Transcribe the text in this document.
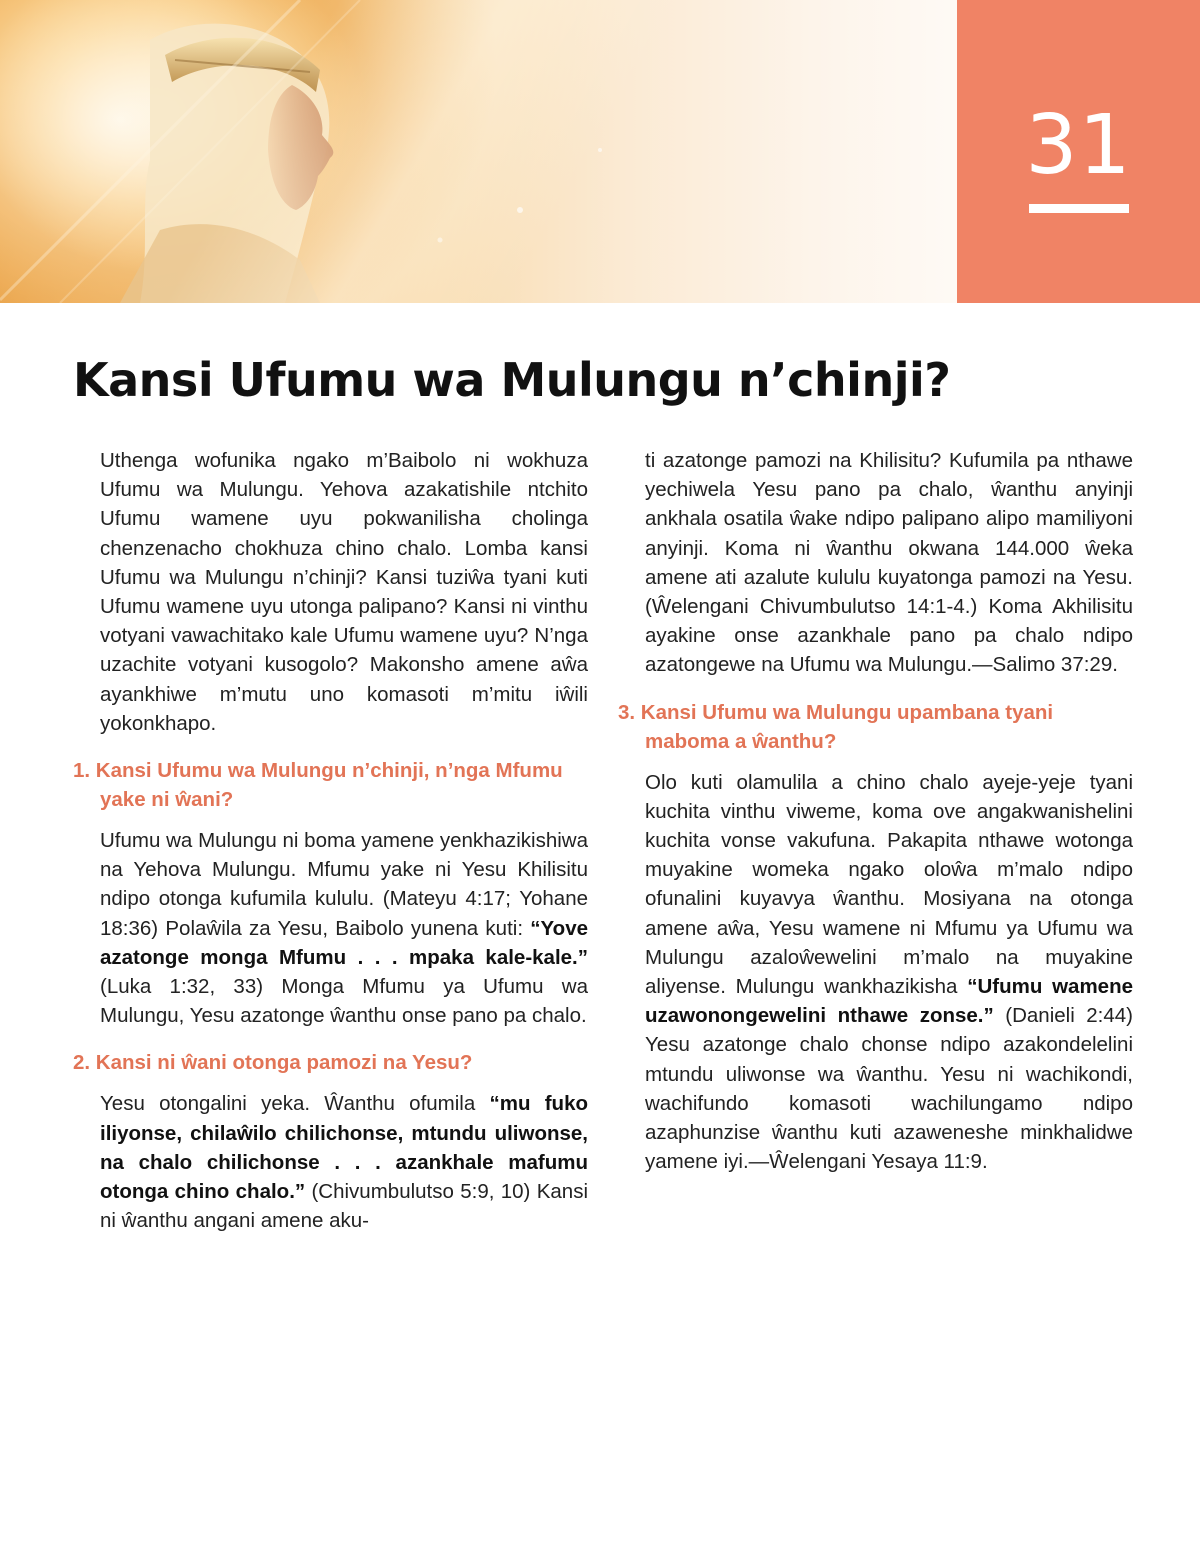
31
Kansi Ufumu wa Mulungu n’chinji?

Uthenga wofunika ngako m’Baibolo ni wokhuza Ufumu wa Mulungu. Yehova azakatishile ntchito Ufumu wamene uyu pokwanilisha cholinga chenzenacho chokhuza chino chalo. Lomba kansi Ufumu wa Mulungu n’chinji? Kansi tuziŵa tyani kuti Ufumu wamene uyu utonga palipano? Kansi ni vinthu votyani vawachitako kale Ufumu wamene uyu? N’nga uzachite votyani kusogolo? Makonsho amene aŵa ayankhiwe m’mutu uno komasoti m’mitu iŵili yokonkhapo.

1. Kansi Ufumu wa Mulungu n’chinji, n’nga Mfumu yake ni ŵani?

Ufumu wa Mulungu ni boma yamene yenkhazikishiwa na Yehova Mulungu. Mfumu yake ni Yesu Khilisitu ndipo otonga kufumila kululu. (Mateyu 4:17; Yohane 18:36) Polaŵila za Yesu, Baibolo yunena kuti: “Yove azatonge monga Mfumu . . . mpaka kale-kale.” (Luka 1:32, 33) Monga Mfumu ya Ufumu wa Mulungu, Yesu azatonge ŵanthu onse pano pa chalo.

2. Kansi ni ŵani otonga pamozi na Yesu?

Yesu otongalini yeka. Ŵanthu ofumila “mu fuko iliyonse, chilaŵilo chilichonse, mtundu uliwonse, na chalo chilichonse . . . azankhale mafumu otonga chino chalo.” (Chivumbulutso 5:9, 10) Kansi ni ŵanthu angani amene aku-

ti azatonge pamozi na Khilisitu? Kufumila pa nthawe yechiwela Yesu pano pa chalo, ŵanthu anyinji ankhala osatila ŵake ndipo palipano alipo mamiliyoni anyinji. Koma ni ŵanthu okwana 144.000 ŵeka amene ati azalute kululu kuyatonga pamozi na Yesu. (Ŵelengani Chivumbulutso 14:1-4.) Koma Akhilisitu ayakine onse azankhale pano pa chalo ndipo azatongewe na Ufumu wa Mulungu.—Salimo 37:29.

3. Kansi Ufumu wa Mulungu upambana tyani maboma a ŵanthu?

Olo kuti olamulila a chino chalo ayeje-yeje tyani kuchita vinthu viweme, koma ove angakwanishelini kuchita vonse vakufuna. Pakapita nthawe wotonga muyakine womeka ngako oloŵa m’malo ndipo ofunalini kuyavya ŵanthu. Mosiyana na otonga amene aŵa, Yesu wamene ni Mfumu ya Ufumu wa Mulungu azaloŵewelini m’malo na muyakine aliyense. Mulungu wankhazikisha “Ufumu wamene uzawonongewelini nthawe zonse.” (Danieli 2:44) Yesu azatonge chalo chonse ndipo azakondelelini mtundu uliwonse wa ŵanthu. Yesu ni wachikondi, wachifundo komasoti wachilungamo ndipo azaphunzise ŵanthu kuti azaweneshe minkhalidwe yamene iyi.—Ŵelengani Yesaya 11:9.
